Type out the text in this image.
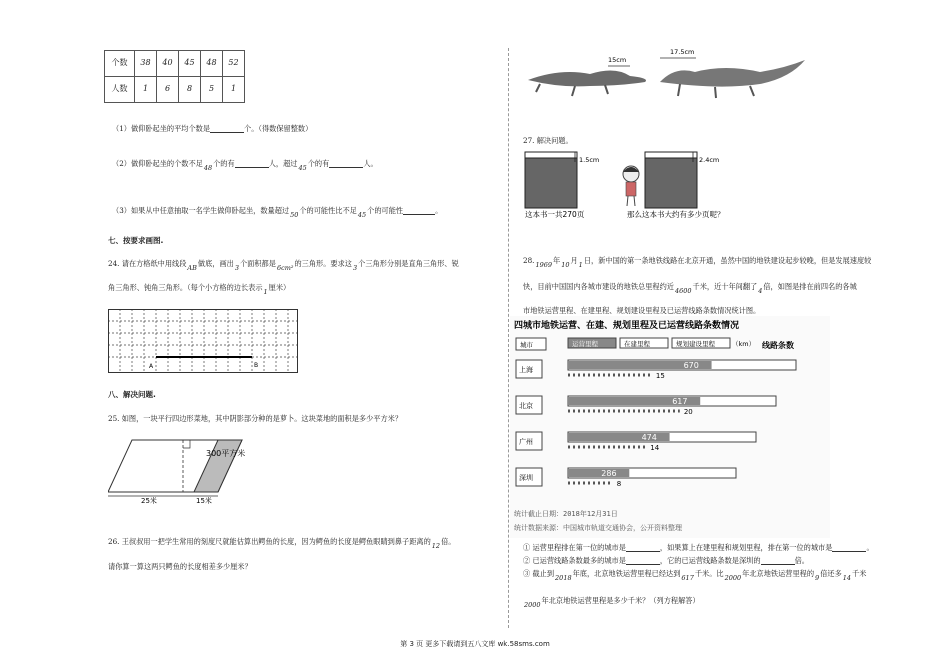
个数	38	40	45	48	52
人数	1	6	8	5	1
（1）做仰卧起坐的平均个数是	个。（得数保留整数）
（2）做仰卧起坐的个数不足48个的有	人，超过45个的有	人。
（3）如果从中任意抽取一名学生做仰卧起坐，数量超过50个的可能性比不足45个的可能性	。
七、按要求画图.
24. 请在方格纸中用线段AB做底，画出3个面积都是6cm²的三角形。要求这3个三角形分别是直角三角形、锐
角三角形、钝角三角形。（每个小方格的边长表示1厘米）
A	B
八、解决问题.
25. 如图，一块平行四边形菜地，其中阴影部分种的是萝卜。这块菜地的面积是多少平方米？
300平方米
25米	15米
26. 王叔叔用一把学生常用的刻度尺就能估算出鳄鱼的长度，因为鳄鱼的长度是鳄鱼眼睛到鼻子距离的12倍。
请你算一算这两只鳄鱼的长度相差多少厘米？
15cm
17.5cm
27. 解决问题。
1.5cm	2.4cm
这本书一共270页	那么这本书大约有多少页呢？
28.1969年10月1日，新中国的第一条地铁线路在北京开通，虽然中国的地铁建设起步较晚，但是发展速度较
快，目前中国国内各城市建设的地铁总里程约近4600千米，近十年间翻了4倍，如图是排在前四名的各城
市地铁运营里程、在建里程、规划建设里程及已运营线路条数情况统计图。
四城市地铁运营、在建、规划里程及已运营线路条数情况
城市	运营里程	在建里程	规划建设里程	（km） 线路条数
上海	670
15
北京	617
20
广州	474
14
深圳	286
8
统计截止日期：2018年12月31日
统计数据来源：中国城市轨道交通协会，公开资料整理
① 运营里程排在第一位的城市是	，如果算上在建里程和规划里程，排在第一位的城市是	。
② 已运营线路条数最多的城市是	，它的已运营线路条数是深圳的	倍。
③ 截止到2018年底，北京地铁运营里程已经达到617千米。比2000年北京地铁运营里程的9倍还多14千米
2000年北京地铁运营里程是多少千米？（列方程解答）
第 3 页 更多下载请到五八文库 wk.58sms.com
